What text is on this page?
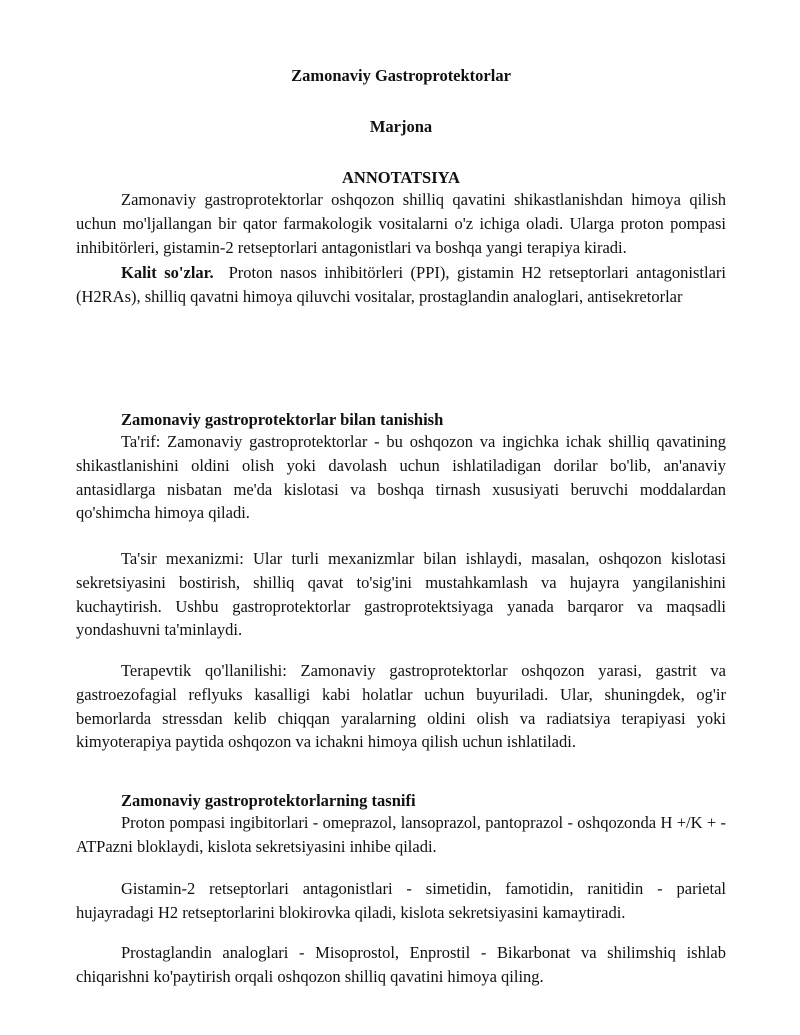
Zamonaviy Gastroprotektorlar
Marjona
ANNOTATSIYA

Zamonaviy gastroprotektorlar oshqozon shilliq qavatini shikastlanishdan himoya qilish uchun mo'ljallangan bir qator farmakologik vositalarni o'z ichiga oladi. Ularga proton pompasi inhibitörleri, gistamin-2 retseptorlari antagonistlari va boshqa yangi terapiya kiradi.

Kalit so'zlar. Proton nasos inhibitörleri (PPI), gistamin H2 retseptorlari antagonistlari (H2RAs), shilliq qavatni himoya qiluvchi vositalar, prostaglandin analoglari, antisekretorlar

Zamonaviy gastroprotektorlar bilan tanishish

Ta'rif: Zamonaviy gastroprotektorlar - bu oshqozon va ingichka ichak shilliq qavatining shikastlanishini oldini olish yoki davolash uchun ishlatiladigan dorilar bo'lib, an'anaviy antasidlarga nisbatan me'da kislotasi va boshqa tirnash xususiyati beruvchi moddalardan qo'shimcha himoya qiladi.

Ta'sir mexanizmi: Ular turli mexanizmlar bilan ishlaydi, masalan, oshqozon kislotasi sekretsiyasini bostirish, shilliq qavat to'sig'ini mustahkamlash va hujayra yangilanishini kuchaytirish. Ushbu gastroprotektorlar gastroprotektsiyaga yanada barqaror va maqsadli yondashuvni ta'minlaydi.

Terapevtik qo'llanilishi: Zamonaviy gastroprotektorlar oshqozon yarasi, gastrit va gastroezofagial reflyuks kasalligi kabi holatlar uchun buyuriladi. Ular, shuningdek, og'ir bemorlarda stressdan kelib chiqqan yaralarning oldini olish va radiatsiya terapiyasi yoki kimyoterapiya paytida oshqozon va ichakni himoya qilish uchun ishlatiladi.

Zamonaviy gastroprotektorlarning tasnifi

Proton pompasi ingibitorlari - omeprazol, lansoprazol, pantoprazol - oshqozonda H +/K + - ATPazni bloklaydi, kislota sekretsiyasini inhibe qiladi.

Gistamin-2 retseptorlari antagonistlari - simetidin, famotidin, ranitidin - parietal hujayradagi H2 retseptorlarini blokirovka qiladi, kislota sekretsiyasini kamaytiradi.

Prostaglandin analoglari - Misoprostol, Enprostil - Bikarbonat va shilimshiq ishlab chiqarishni ko'paytirish orqali oshqozon shilliq qavatini himoya qiling.
